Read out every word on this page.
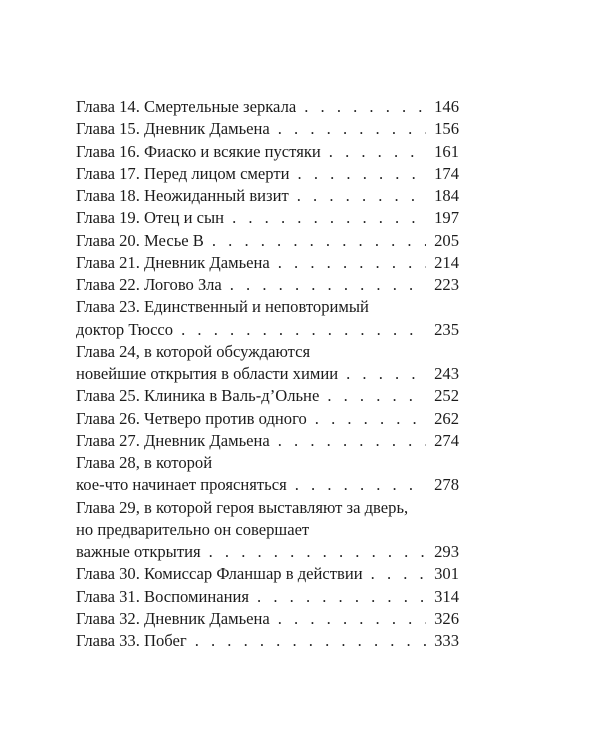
Глава 14. Смертельные зеркала . . .	146
Глава 15. Дневник Дамьена . . .	156
Глава 16. Фиаско и всякие пустяки . . .	161
Глава 17. Перед лицом смерти . . .	174
Глава 18. Неожиданный визит . . .	184
Глава 19. Отец и сын . . .	197
Глава 20. Месье В . . .	205
Глава 21. Дневник Дамьена . . .	214
Глава 22. Логово Зла . . .	223
Глава 23. Единственный и неповторимый
доктор Тюссо . . .	235
Глава 24, в которой обсуждаются
новейшие открытия в области химии . . .	243
Глава 25. Клиника в Валь-д’Ольне . . .	252
Глава 26. Четверо против одного . . .	262
Глава 27. Дневник Дамьена . . .	274
Глава 28, в которой
кое-что начинает проясняться . . .	278
Глава 29, в которой героя выставляют за дверь,
но предварительно он совершает
важные открытия . . .	293
Глава 30. Комиссар Фланшар в действии . . .	301
Глава 31. Воспоминания . . .	314
Глава 32. Дневник Дамьена . . .	326
Глава 33. Побег . . .	333
